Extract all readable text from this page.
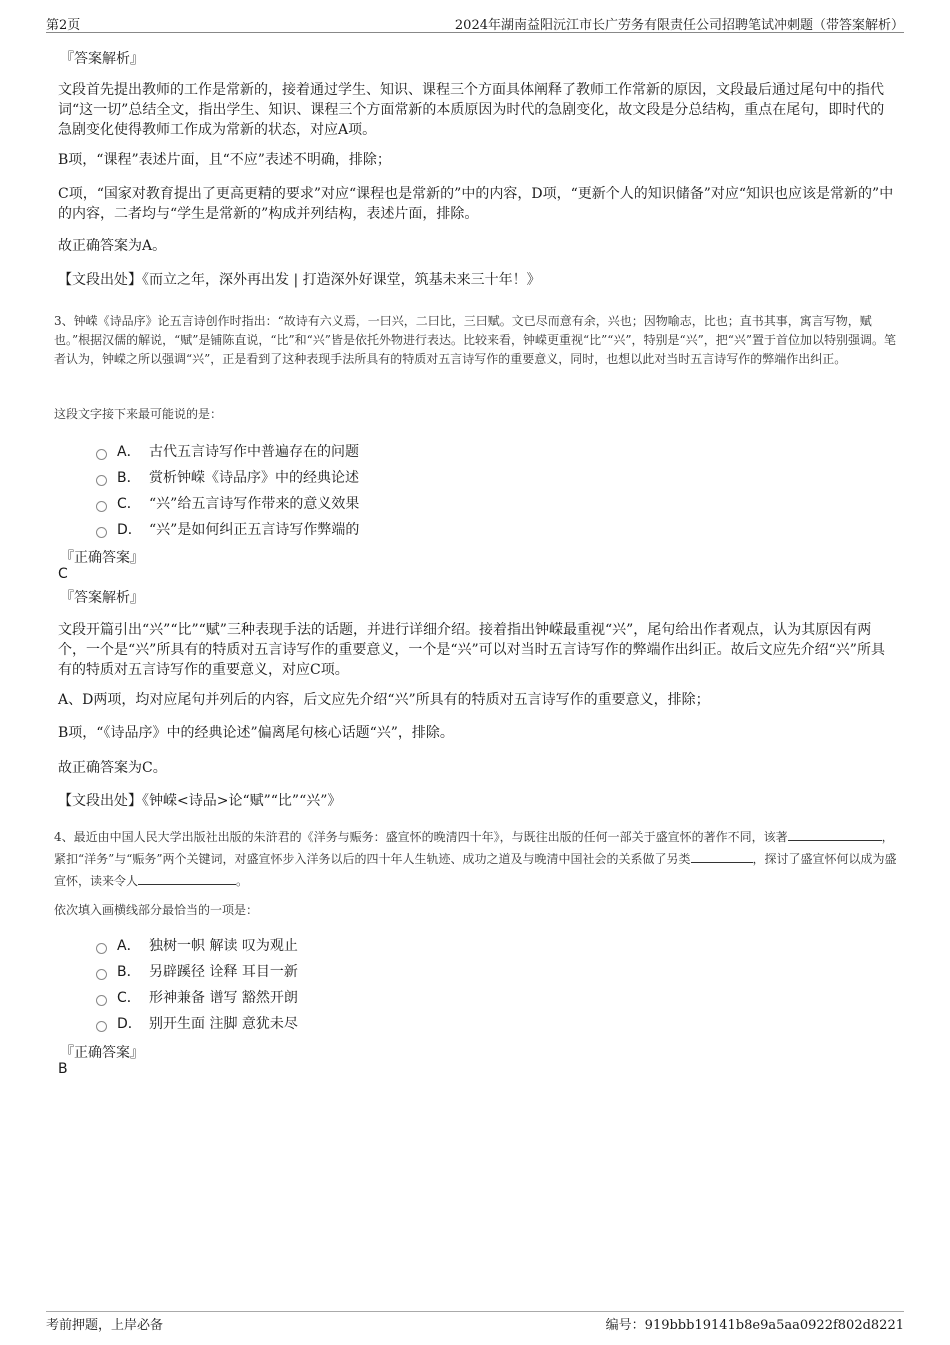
第2页	2024年湖南益阳沅江市长广劳务有限责任公司招聘笔试冲刺题（带答案解析）
『答案解析』
文段首先提出教师的工作是常新的，接着通过学生、知识、课程三个方面具体阐释了教师工作常新的原因，文段最后通过尾句中的指代词“这一切”总结全文，指出学生、知识、课程三个方面常新的本质原因为时代的急剧变化，故文段是分总结构，重点在尾句，即时代的急剧变化使得教师工作成为常新的状态，对应A项。
B项，“课程”表述片面，且“不应”表述不明确，排除；
C项，“国家对教育提出了更高更精的要求”对应“课程也是常新的”中的内容，D项，“更新个人的知识储备”对应“知识也应该是常新的”中的内容，二者均与“学生是常新的”构成并列结构，表述片面，排除。
故正确答案为A。
【文段出处】《而立之年，深外再出发 | 打造深外好课堂，筑基未来三十年！》
3、钟嵘《诗品序》论五言诗创作时指出：“故诗有六义焉，一曰兴，二曰比，三曰赋。文已尽而意有余，兴也；因物喻志，比也；直书其事，寓言写物，赋也。”根据汉儒的解说，“赋”是铺陈直说，“比”和“兴”皆是依托外物进行表达。比较来看，钟嵘更重视“比”“兴”，特别是“兴”，把“兴”置于首位加以特别强调。笔者认为，钟嵘之所以强调“兴”，正是看到了这种表现手法所具有的特质对五言诗写作的重要意义，同时，也想以此对当时五言诗写作的弊端作出纠正。
这段文字接下来最可能说的是：
A． 古代五言诗写作中普遍存在的问题
B． 赏析钟嵘《诗品序》中的经典论述
C． “兴”给五言诗写作带来的意义效果
D． “兴”是如何纠正五言诗写作弊端的
『正确答案』
C
『答案解析』
文段开篇引出“兴”“比”“赋”三种表现手法的话题，并进行详细介绍。接着指出钟嵘最重视“兴”，尾句给出作者观点，认为其原因有两个，一个是“兴”所具有的特质对五言诗写作的重要意义，一个是“兴”可以对当时五言诗写作的弊端作出纠正。故后文应先介绍“兴”所具有的特质对五言诗写作的重要意义，对应C项。
A、D两项，均对应尾句并列后的内容，后文应先介绍“兴”所具有的特质对五言诗写作的重要意义，排除；
B项，“《诗品序》中的经典论述”偏离尾句核心话题“兴”，排除。
故正确答案为C。
【文段出处】《钟嵘<诗品>论“赋”“比”“兴”》
4、最近由中国人民大学出版社出版的朱浒君的《洋务与赈务：盛宣怀的晚清四十年》，与既往出版的任何一部关于盛宣怀的著作不同，该著	，紧扣“洋务”与“赈务”两个关键词，对盛宣怀步入洋务以后的四十年人生轨迹、成功之道及与晚清中国社会的关系做了另类	，探讨了盛宣怀何以成为盛宣怀，读来令人	。
依次填入画横线部分最恰当的一项是：
A． 独树一帜 解读 叹为观止
B． 另辟蹊径 诠释 耳目一新
C． 形神兼备 谱写 豁然开朗
D． 别开生面 注脚 意犹未尽
『正确答案』
B
考前押题，上岸必备	编号：919bbb19141b8e9a5aa0922f802d8221
